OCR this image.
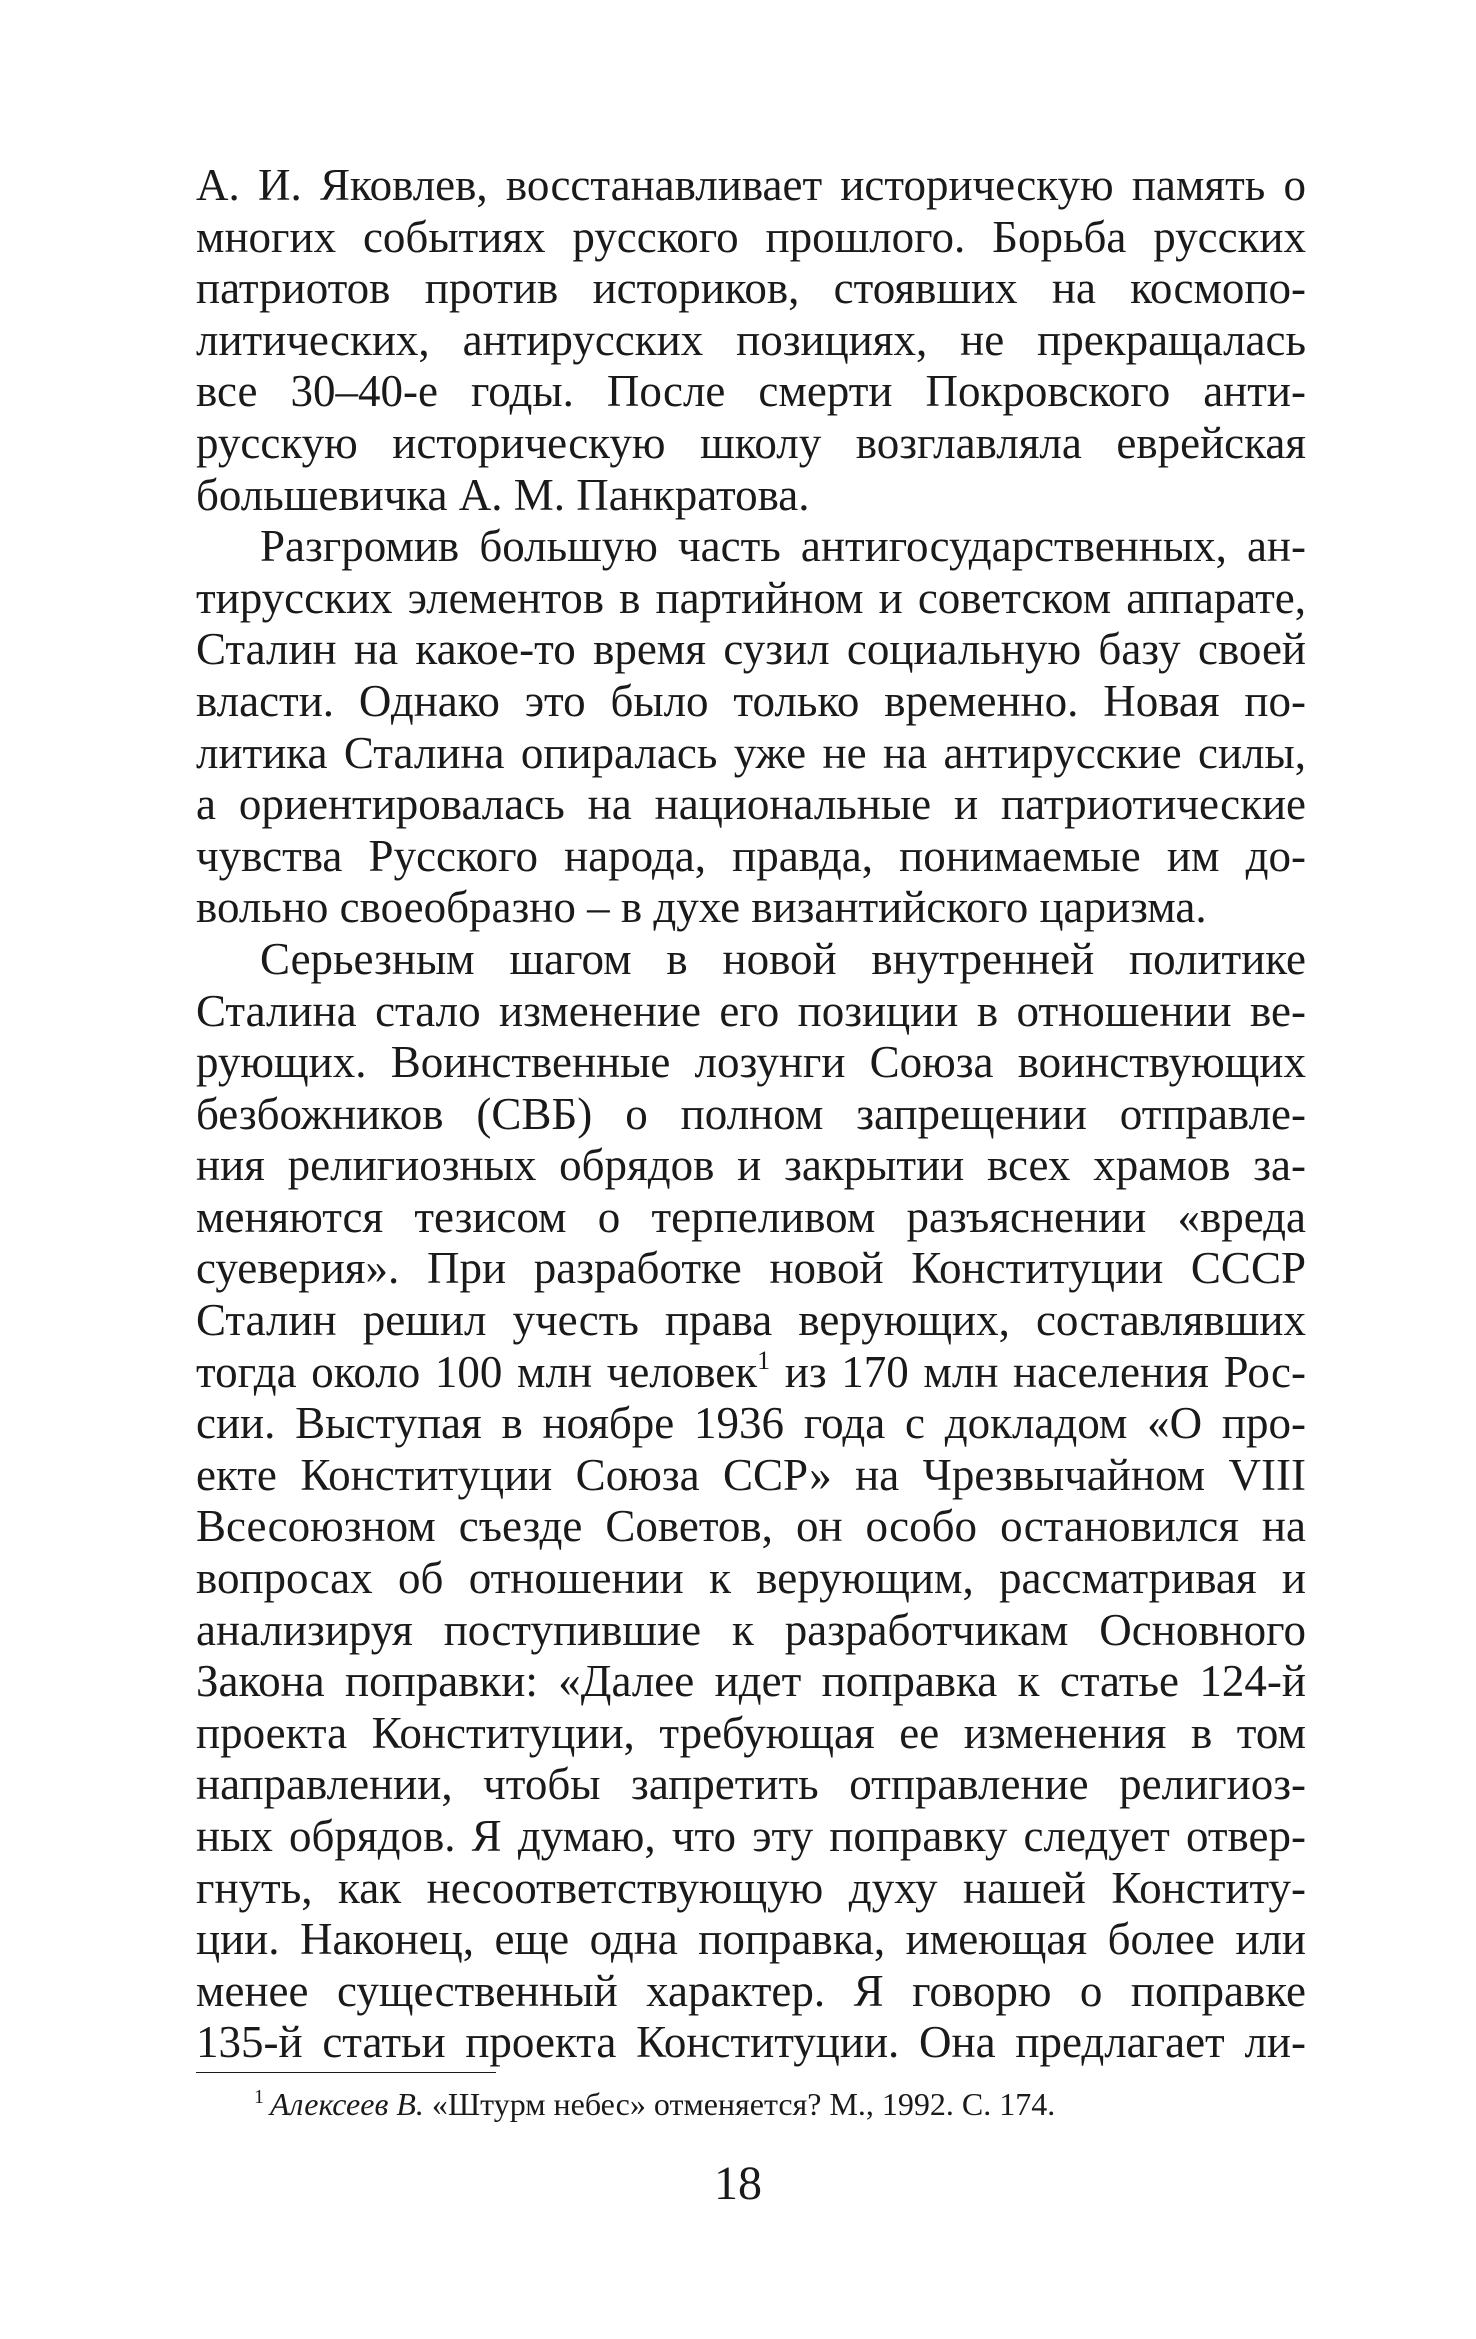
А. И. Яковлев, восстанавливает историческую память о
многих событиях русского прошлого. Борьба русских
патриотов против историков, стоявших на космопо-
литических, антирусских позициях, не прекращалась
все 30–40-е годы. После смерти Покровского анти-
русскую историческую школу возглавляла еврейская
большевичка А. М. Панкратова.
Разгромив большую часть антигосударственных, ан-
тирусских элементов в партийном и советском аппарате,
Сталин на какое-то время сузил социальную базу своей
власти. Однако это было только временно. Новая по-
литика Сталина опиралась уже не на антирусские силы,
а ориентировалась на национальные и патриотические
чувства Русского народа, правда, понимаемые им до-
вольно своеобразно – в духе византийского царизма.
Серьезным шагом в новой внутренней политике
Сталина стало изменение его позиции в отношении ве-
рующих. Воинственные лозунги Союза воинствующих
безбожников (СВБ) о полном запрещении отправле-
ния религиозных обрядов и закрытии всех храмов за-
меняются тезисом о терпеливом разъяснении «вреда
суеверия». При разработке новой Конституции СССР
Сталин решил учесть права верующих, составлявших
тогда около 100 млн человек$^1$ из 170 млн населения Рос-
сии. Выступая в ноябре 1936 года с докладом «О про-
екте Конституции Союза ССР» на Чрезвычайном VIII
Всесоюзном съезде Советов, он особо остановился на
вопросах об отношении к верующим, рассматривая и
анализируя поступившие к разработчикам Основного
Закона поправки: «Далее идет поправка к статье 124-й
проекта Конституции, требующая ее изменения в том
направлении, чтобы запретить отправление религиоз-
ных обрядов. Я думаю, что эту поправку следует отвер-
гнуть, как несоответствующую духу нашей Конститу-
ции. Наконец, еще одна поправка, имеющая более или
менее существенный характер. Я говорю о поправке
135-й статьи проекта Конституции. Она предлагает ли-
$^1$ Алексеев В. «Штурм небес» отменяется? М., 1992. С. 174.
18
